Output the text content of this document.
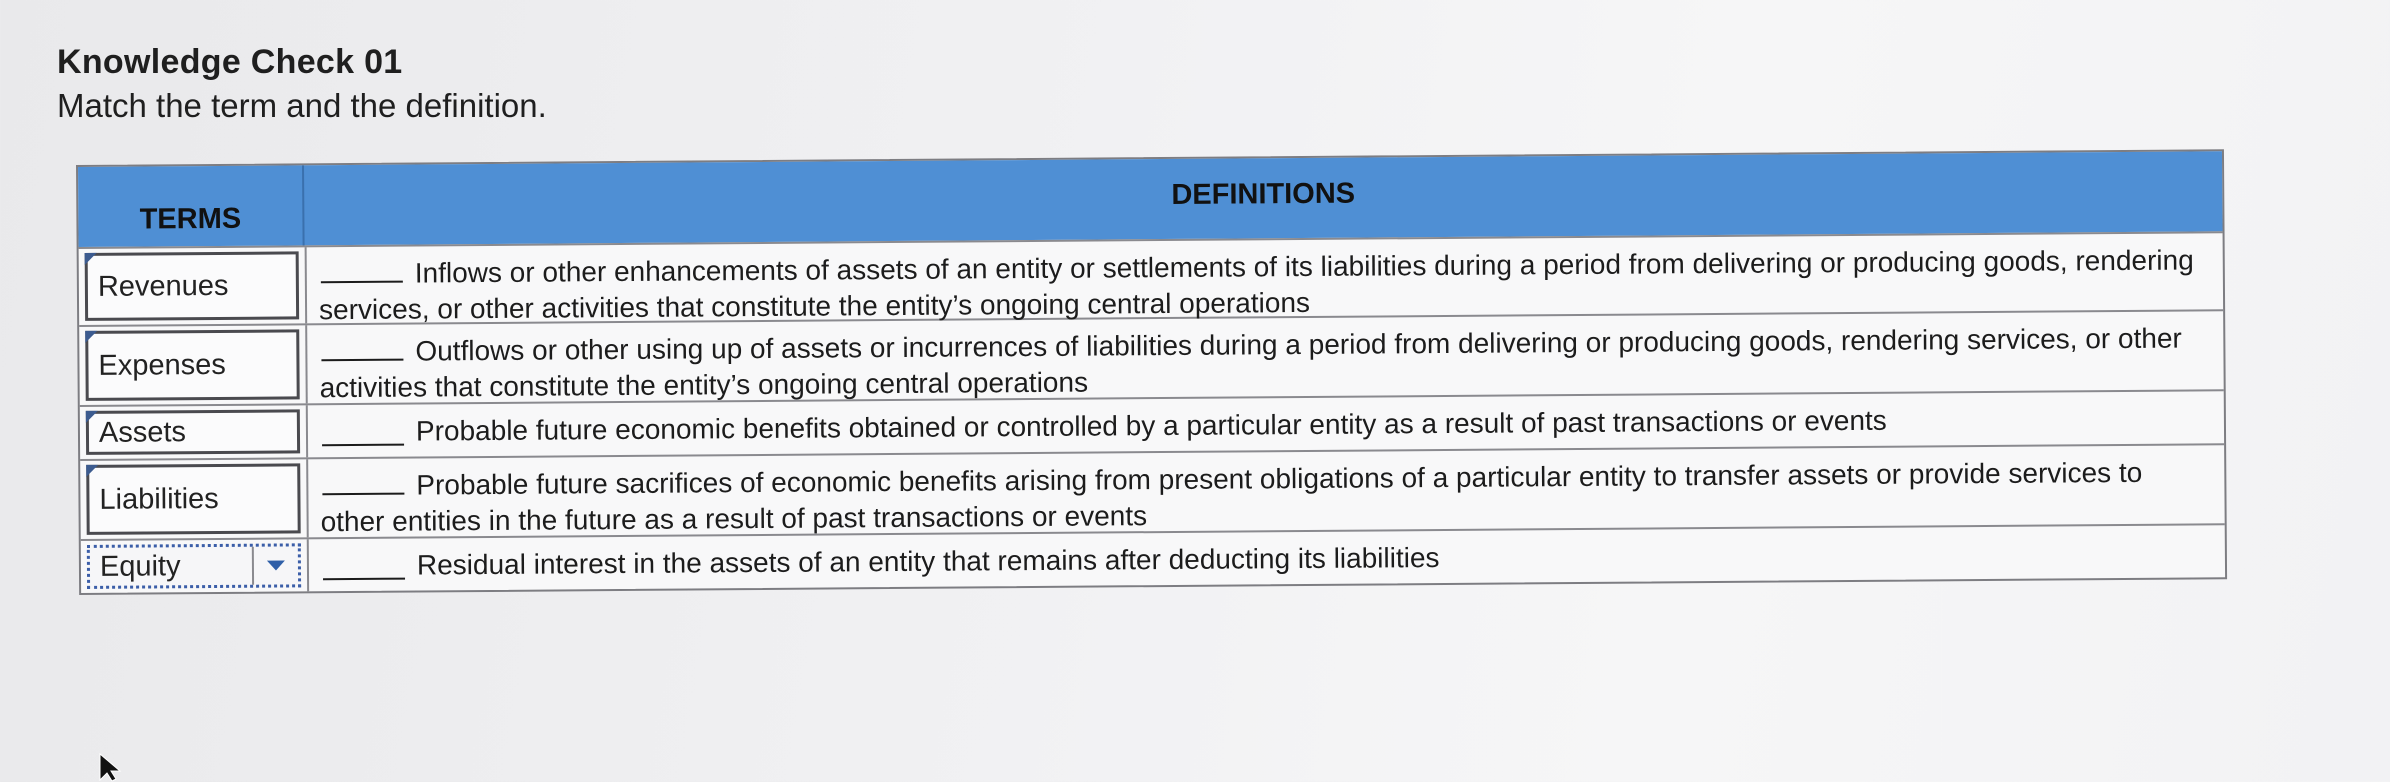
Knowledge Check 01

Match the term and the definition.

TERMS
DEFINITIONS
Revenues	Inflows or other enhancements of assets of an entity or settlements of its liabilities during a period from delivering or producing goods, rendering services, or other activities that constitute the entity’s ongoing central operations
Expenses	Outflows or other using up of assets or incurrences of liabilities during a period from delivering or producing goods, rendering services, or other activities that constitute the entity’s ongoing central operations
Assets	Probable future economic benefits obtained or controlled by a particular entity as a result of past transactions or events
Liabilities	Probable future sacrifices of economic benefits arising from present obligations of a particular entity to transfer assets or provide services to other entities in the future as a result of past transactions or events
Equity	Residual interest in the assets of an entity that remains after deducting its liabilities
